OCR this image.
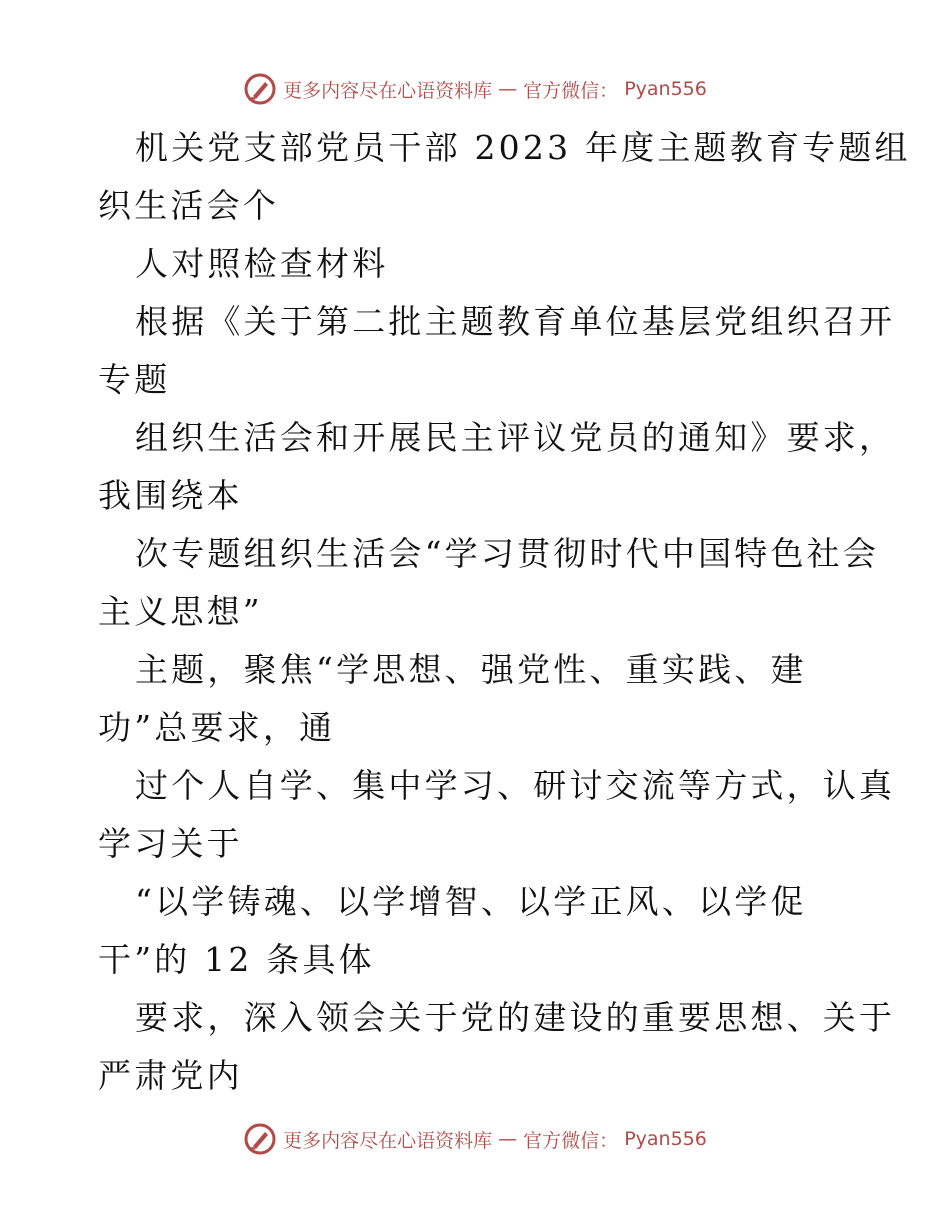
更多内容尽在心语资料库 — 官方微信： Pyan556
机关党支部党员干部 2023 年度主题教育专题组
织生活会个
人对照检查材料
根据《关于第二批主题教育单位基层党组织召开
专题
组织生活会和开展民主评议党员的通知》要求，
我围绕本
次专题组织生活会“学习贯彻时代中国特色社会
主义思想”
主题，聚焦“学思想、强党性、重实践、建
功”总要求，通
过个人自学、集中学习、研讨交流等方式，认真
学习关于
“以学铸魂、以学增智、以学正风、以学促
干”的 12 条具体
要求，深入领会关于党的建设的重要思想、关于
严肃党内
更多内容尽在心语资料库 — 官方微信： Pyan556
